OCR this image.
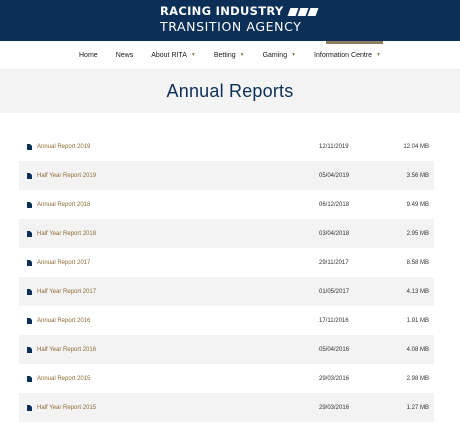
RACING INDUSTRY
TRANSITION AGENCY
Home	News	About RITA ▼	Betting ▼	Gaming ▼	Information Centre ▼
Annual Reports
Annual Report 2019	12/11/2019	12.04 MB
Half Year Report 2019	05/04/2019	3.56 MB
Annual Report 2018	06/12/2018	9.49 MB
Half Year Report 2018	03/04/2018	2.95 MB
Annual Report 2017	29/11/2017	8.58 MB
Half Year Report 2017	01/05/2017	4.13 MB
Annual Report 2016	17/11/2016	1.91 MB
Half Year Report 2016	05/04/2016	4.08 MB
Annual Report 2015	29/03/2016	2.98 MB
Half Year Report 2015	29/03/2016	1.27 MB
